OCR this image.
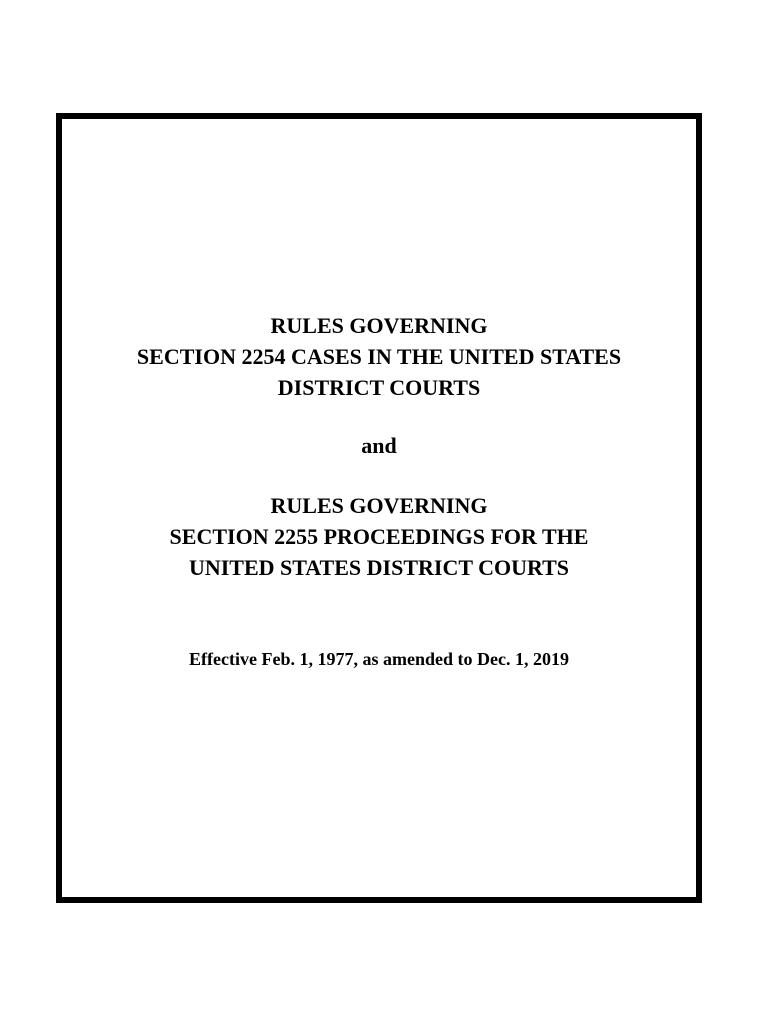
RULES GOVERNING
SECTION 2254 CASES IN THE UNITED STATES
DISTRICT COURTS
and
RULES GOVERNING
SECTION 2255 PROCEEDINGS FOR THE
UNITED STATES DISTRICT COURTS
Effective Feb. 1, 1977, as amended to Dec. 1, 2019
